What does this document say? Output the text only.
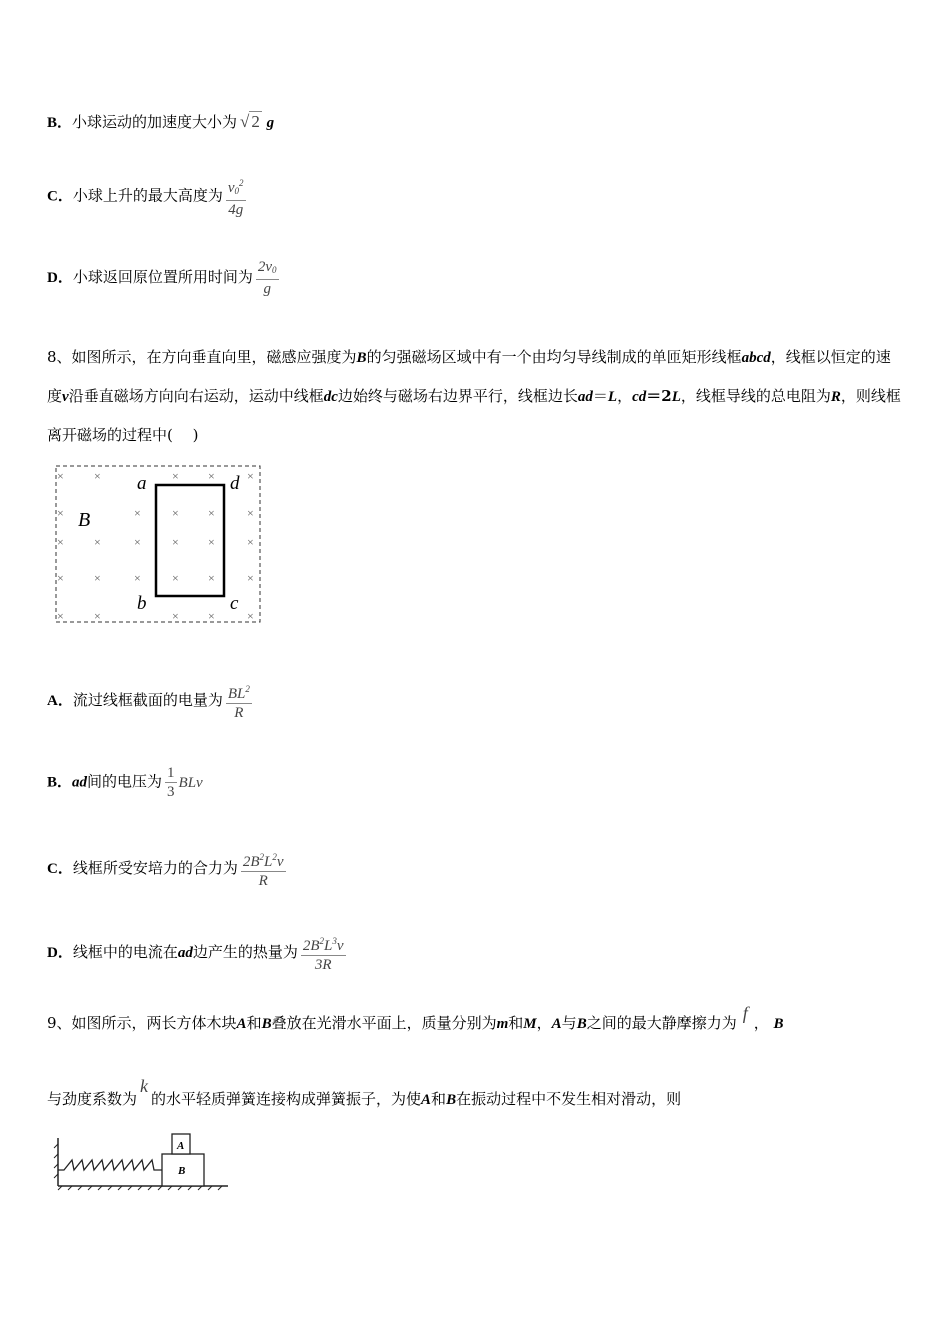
B．小球运动的加速度大小为 √ 2 g
C．小球上升的最大高度为 $\frac{v_0^2}{4g}$
D．小球返回原位置所用时间为 $\frac{2v_0}{g}$
8、如图所示，在方向垂直向里，磁感应强度为B的匀强磁场区域中有一个由均匀导线制成的单匝矩形线框abcd，线框以恒定的速度v沿垂直磁场方向向右运动，运动中线框dc边始终与磁场右边界平行，线框边长ad＝L，cd＝2L，线框导线的总电阻为R，则线框离开磁场的过程中(　 )
×	×	× ×	×
×	×	× ×	×
×	×	×	× ×	×
×	×	×	× ×	×
×	×	× ×	×
B
a	d
b	c
A．流过线框截面的电量为 $\frac{BL^2}{R}$
B．ad间的电压为 $\frac{1}{3}$ BLv
C．线框所受安培力的合力为 $\frac{2B^2L^2v}{R}$
D．线框中的电流在ad边产生的热量为 $\frac{2B^2L^3v}{3R}$
9、如图所示，两长方体木块A和B叠放在光滑水平面上，质量分别为m和M，A与B之间的最大静摩擦力为 f ， B
与劲度系数为k的水平轻质弹簧连接构成弹簧振子，为使A和B在振动过程中不发生相对滑动，则
A
B
